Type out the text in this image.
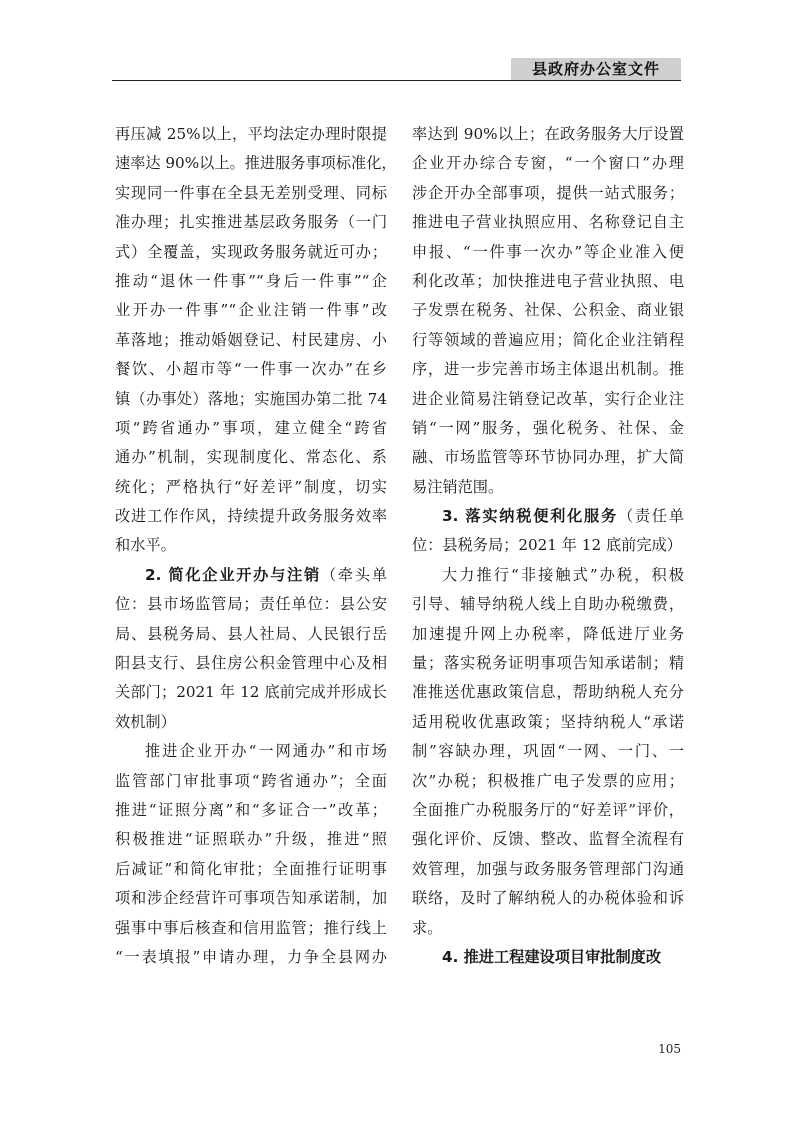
县政府办公室文件
再压减 25%以上，平均法定办理时限提
速率达 90%以上。推进服务事项标准化，
实现同一件事在全县无差别受理、同标
准办理；扎实推进基层政务服务（一门
式）全覆盖，实现政务服务就近可办；
推动“退休一件事”“身后一件事”“企
业开办一件事”“企业注销一件事”改
革落地；推动婚姻登记、村民建房、小
餐饮、小超市等“一件事一次办”在乡
镇（办事处）落地；实施国办第二批 74
项“跨省通办”事项，建立健全“跨省
通办”机制，实现制度化、常态化、系
统化；严格执行“好差评”制度，切实
改进工作作风，持续提升政务服务效率
和水平。
2. 简化企业开办与注销（牵头单
位：县市场监管局；责任单位：县公安
局、县税务局、县人社局、人民银行岳
阳县支行、县住房公积金管理中心及相
关部门；2021 年 12 底前完成并形成长
效机制）
推进企业开办“一网通办”和市场
监管部门审批事项“跨省通办”；全面
推进“证照分离”和“多证合一”改革；
积极推进“证照联办”升级，推进“照
后减证”和简化审批；全面推行证明事
项和涉企经营许可事项告知承诺制，加
强事中事后核查和信用监管；推行线上
“一表填报”申请办理，力争全县网办
率达到 90%以上；在政务服务大厅设置
企业开办综合专窗，“一个窗口”办理
涉企开办全部事项，提供一站式服务；
推进电子营业执照应用、名称登记自主
申报、“一件事一次办”等企业准入便
利化改革；加快推进电子营业执照、电
子发票在税务、社保、公积金、商业银
行等领域的普遍应用；简化企业注销程
序，进一步完善市场主体退出机制。推
进企业简易注销登记改革，实行企业注
销“一网”服务，强化税务、社保、金
融、市场监管等环节协同办理，扩大简
易注销范围。
3. 落实纳税便利化服务（责任单
位：县税务局；2021 年 12 底前完成）
大力推行“非接触式”办税，积极
引导、辅导纳税人线上自助办税缴费，
加速提升网上办税率，降低进厅业务
量；落实税务证明事项告知承诺制；精
准推送优惠政策信息，帮助纳税人充分
适用税收优惠政策；坚持纳税人“承诺
制”容缺办理，巩固“一网、一门、一
次”办税；积极推广电子发票的应用；
全面推广办税服务厅的“好差评”评价，
强化评价、反馈、整改、监督全流程有
效管理，加强与政务服务管理部门沟通
联络，及时了解纳税人的办税体验和诉
求。
4. 推进工程建设项目审批制度改
105
